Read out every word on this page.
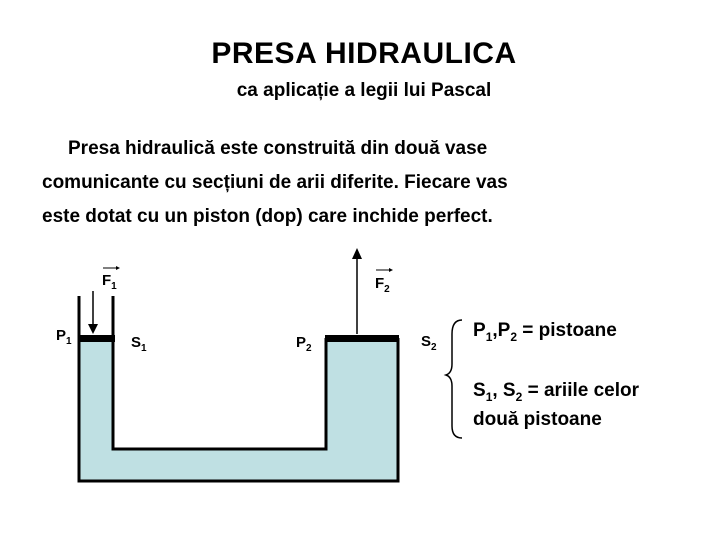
PRESA HIDRAULICA
ca aplicație a legii lui Pascal
Presa hidraulică este construită din două vase
comunicante cu secțiuni de arii diferite. Fiecare vas
este dotat cu un piston (dop) care inchide perfect.
$F_1$	$F_2$
$P_1$	$S_1$	$P_2$	$S_2$
$P_1,P_2$ = pistoane
$S_1$, $S_2$ = ariile celor
două pistoane
